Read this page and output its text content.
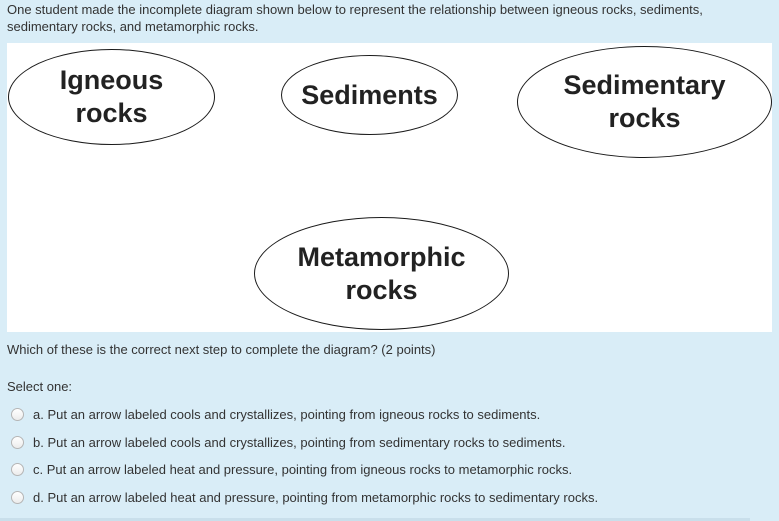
One student made the incomplete diagram shown below to represent the relationship between igneous rocks, sediments, sedimentary rocks, and metamorphic rocks.
Igneous
rocks
Sediments	Sedimentary
rocks
Metamorphic
rocks
Which of these is the correct next step to complete the diagram? (2 points)
Select one:
a. Put an arrow labeled cools and crystallizes, pointing from igneous rocks to sediments.
b. Put an arrow labeled cools and crystallizes, pointing from sedimentary rocks to sediments.
c. Put an arrow labeled heat and pressure, pointing from igneous rocks to metamorphic rocks.
d. Put an arrow labeled heat and pressure, pointing from metamorphic rocks to sedimentary rocks.
